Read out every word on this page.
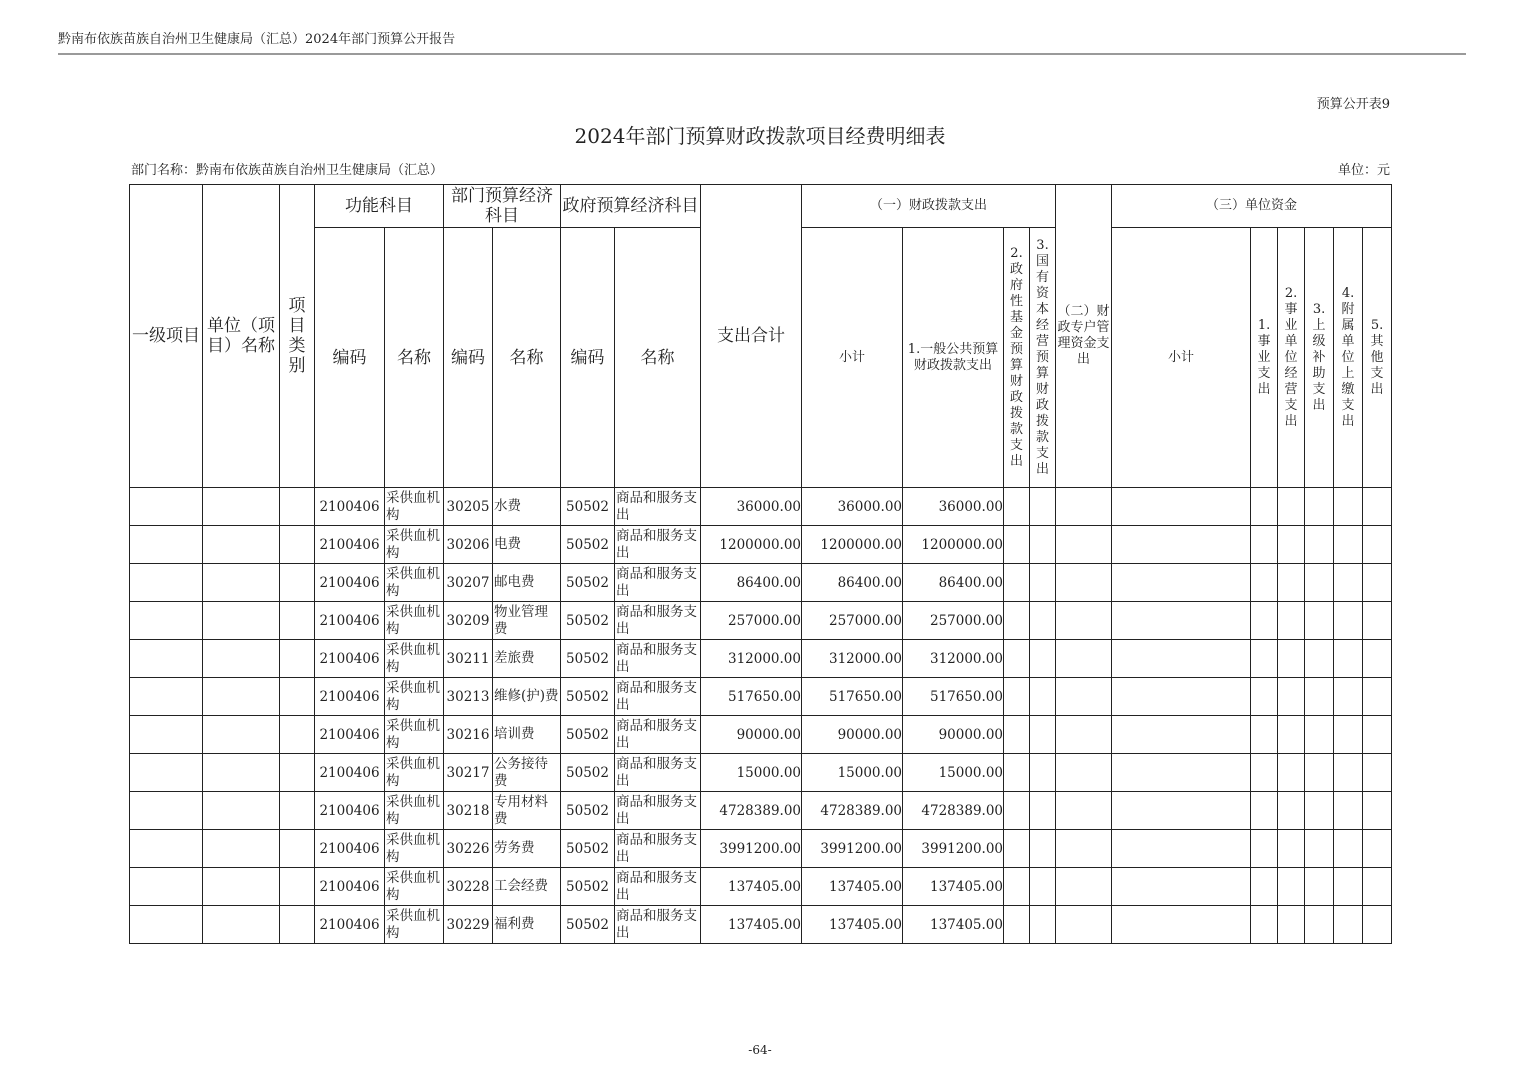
黔南布依族苗族自治州卫生健康局（汇总）2024年部门预算公开报告
预算公开表9
2024年部门预算财政拨款项目经费明细表
部门名称：黔南布依族苗族自治州卫生健康局（汇总）	单位：元
一级项目	单位（项目）名称	项目类别	功能科目		部门预算经济科目		政府预算经济科目		支出合计	（一）财政拨款支出				（二）财政专户管理资金支出	（三）单位资金					
			编码	名称	编码	名称	编码	名称		小计	1.一般公共预算财政拨款支出	2.政府性基金预算财政拨款支出	3.国有资本经营预算财政拨款支出		小计	1.事业支出	2.事业单位经营支出	3.上级补助支出	4.附属单位上缴支出	5.其他支出
			2100406	采供血机构	30205	水费	50502	商品和服务支出	36000.00	36000.00	36000.00									
			2100406	采供血机构	30206	电费	50502	商品和服务支出	1200000.00	1200000.00	1200000.00									
			2100406	采供血机构	30207	邮电费	50502	商品和服务支出	86400.00	86400.00	86400.00									
			2100406	采供血机构	30209	物业管理费	50502	商品和服务支出	257000.00	257000.00	257000.00									
			2100406	采供血机构	30211	差旅费	50502	商品和服务支出	312000.00	312000.00	312000.00									
			2100406	采供血机构	30213	维修(护)费	50502	商品和服务支出	517650.00	517650.00	517650.00									
			2100406	采供血机构	30216	培训费	50502	商品和服务支出	90000.00	90000.00	90000.00									
			2100406	采供血机构	30217	公务接待费	50502	商品和服务支出	15000.00	15000.00	15000.00									
			2100406	采供血机构	30218	专用材料费	50502	商品和服务支出	4728389.00	4728389.00	4728389.00									
			2100406	采供血机构	30226	劳务费	50502	商品和服务支出	3991200.00	3991200.00	3991200.00									
			2100406	采供血机构	30228	工会经费	50502	商品和服务支出	137405.00	137405.00	137405.00									
			2100406	采供血机构	30229	福利费	50502	商品和服务支出	137405.00	137405.00	137405.00									
-64-
